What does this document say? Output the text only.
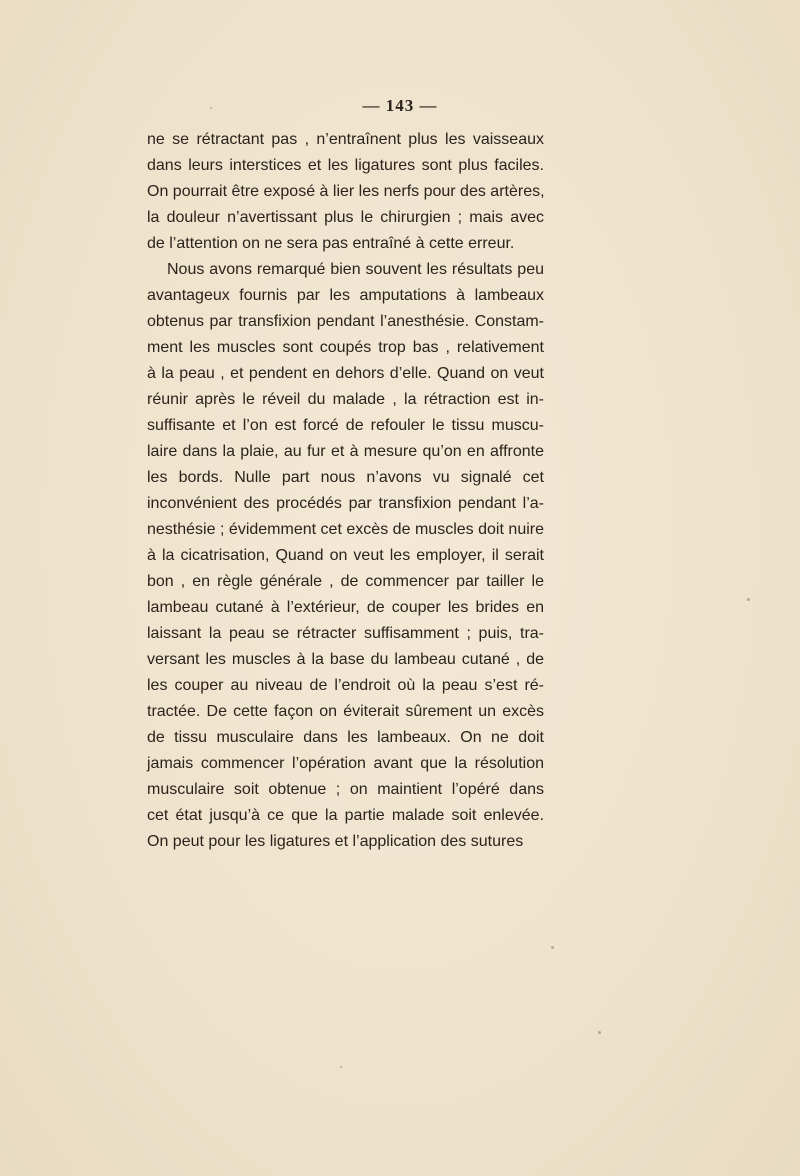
— 143 —
ne se rétractant pas , n’entraînent plus les vaisseaux
dans leurs interstices et les ligatures sont plus faciles.
On pourrait être exposé à lier les nerfs pour des artères,
la douleur n’avertissant plus le chirurgien ; mais avec
de l’attention on ne sera pas entraîné à cette erreur.
Nous avons remarqué bien souvent les résultats peu
avantageux fournis par les amputations à lambeaux
obtenus par transfixion pendant l’anesthésie. Constam-
ment les muscles sont coupés trop bas , relativement
à la peau , et pendent en dehors d’elle. Quand on veut
réunir après le réveil du malade , la rétraction est in-
suffisante et l’on est forcé de refouler le tissu muscu-
laire dans la plaie, au fur et à mesure qu’on en affronte
les bords. Nulle part nous n’avons vu signalé cet
inconvénient des procédés par transfixion pendant l’a-
nesthésie ; évidemment cet excès de muscles doit nuire
à la cicatrisation, Quand on veut les employer, il serait
bon , en règle générale , de commencer par tailler le
lambeau cutané à l’extérieur, de couper les brides en
laissant la peau se rétracter suffisamment ; puis, tra-
versant les muscles à la base du lambeau cutané , de
les couper au niveau de l’endroit où la peau s’est ré-
tractée. De cette façon on éviterait sûrement un excès
de tissu musculaire dans les lambeaux. On ne doit
jamais commencer l’opération avant que la résolution
musculaire soit obtenue ; on maintient l’opéré dans
cet état jusqu’à ce que la partie malade soit enlevée.
On peut pour les ligatures et l’application des sutures
